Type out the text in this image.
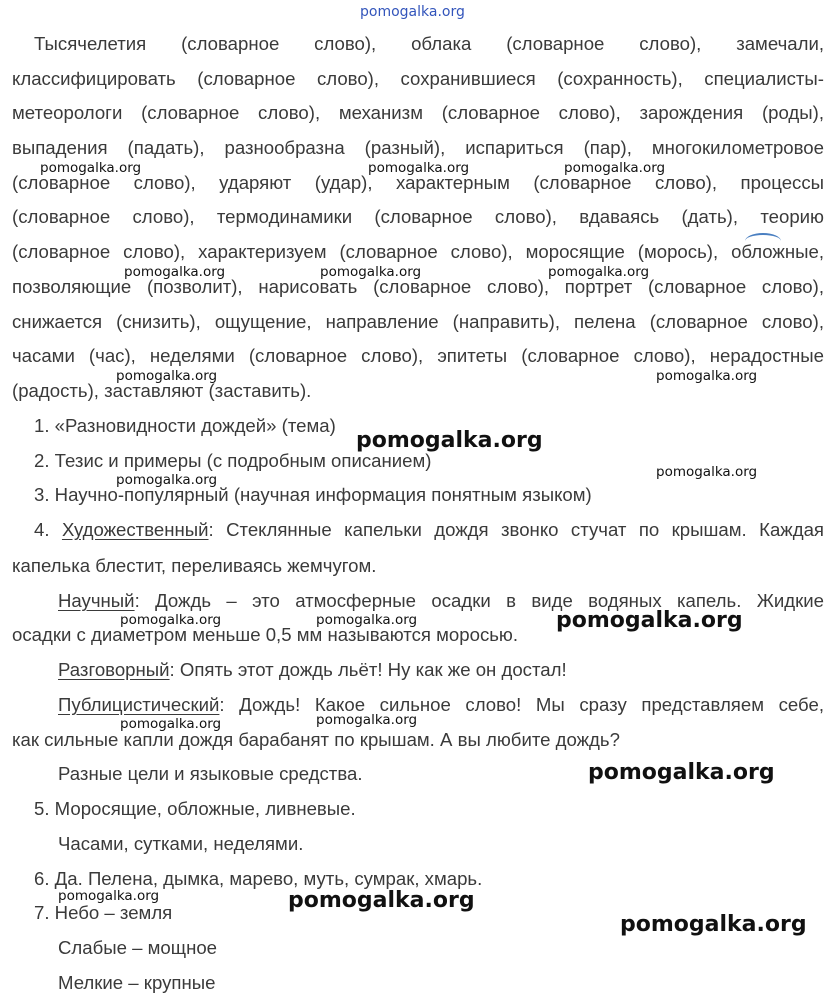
pomogalka.org
Тысячелетия (словарное слово), облака (словарное слово), замечали,
классифицировать (словарное слово), сохранившиеся (сохранность), специалисты-
метеорологи (словарное слово), механизм (словарное слово), зарождения (роды),
выпадения (падать), разнообразна (разный), испариться (пар), многокилометровое
(словарное слово), ударяют (удар), характерным (словарное слово), процессы
(словарное слово), термодинамики (словарное слово), вдаваясь (дать), теорию
(словарное слово), характеризуем (словарное слово), моросящие (морось), обложные,
позволяющие (позволит), нарисовать (словарное слово), портрет (словарное слово),
снижается (снизить), ощущение, направление (направить), пелена (словарное слово),
часами (час), неделями (словарное слово), эпитеты (словарное слово), нерадостные
(радость), заставляют (заставить).
1. «Разновидности дождей» (тема)
2. Тезис и примеры (с подробным описанием)
3. Научно-популярный (научная информация понятным языком)
4. Художественный: Стеклянные капельки дождя звонко стучат по крышам. Каждая
капелька блестит, переливаясь жемчугом.
Научный: Дождь – это атмосферные осадки в виде водяных капель. Жидкие
осадки с диаметром меньше 0,5 мм называются моросью.
Разговорный: Опять этот дождь льёт! Ну как же он достал!
Публицистический: Дождь! Какое сильное слово! Мы сразу представляем себе,
как сильные капли дождя барабанят по крышам. А вы любите дождь?
Разные цели и языковые средства.
5. Моросящие, обложные, ливневые.
Часами, сутками, неделями.
6. Да. Пелена, дымка, марево, муть, сумрак, хмарь.
7. Небо – земля
Слабые – мощное
Мелкие – крупные
pomogalka.org	pomogalka.org	pomogalka.org
pomogalka.org	pomogalka.org	pomogalka.org
pomogalka.org	pomogalka.org
pomogalka.org
pomogalka.org
pomogalka.org
pomogalka.org	pomogalka.org	pomogalka.org
pomogalka.org	pomogalka.org
pomogalka.org
pomogalka.org	pomogalka.org
pomogalka.org
